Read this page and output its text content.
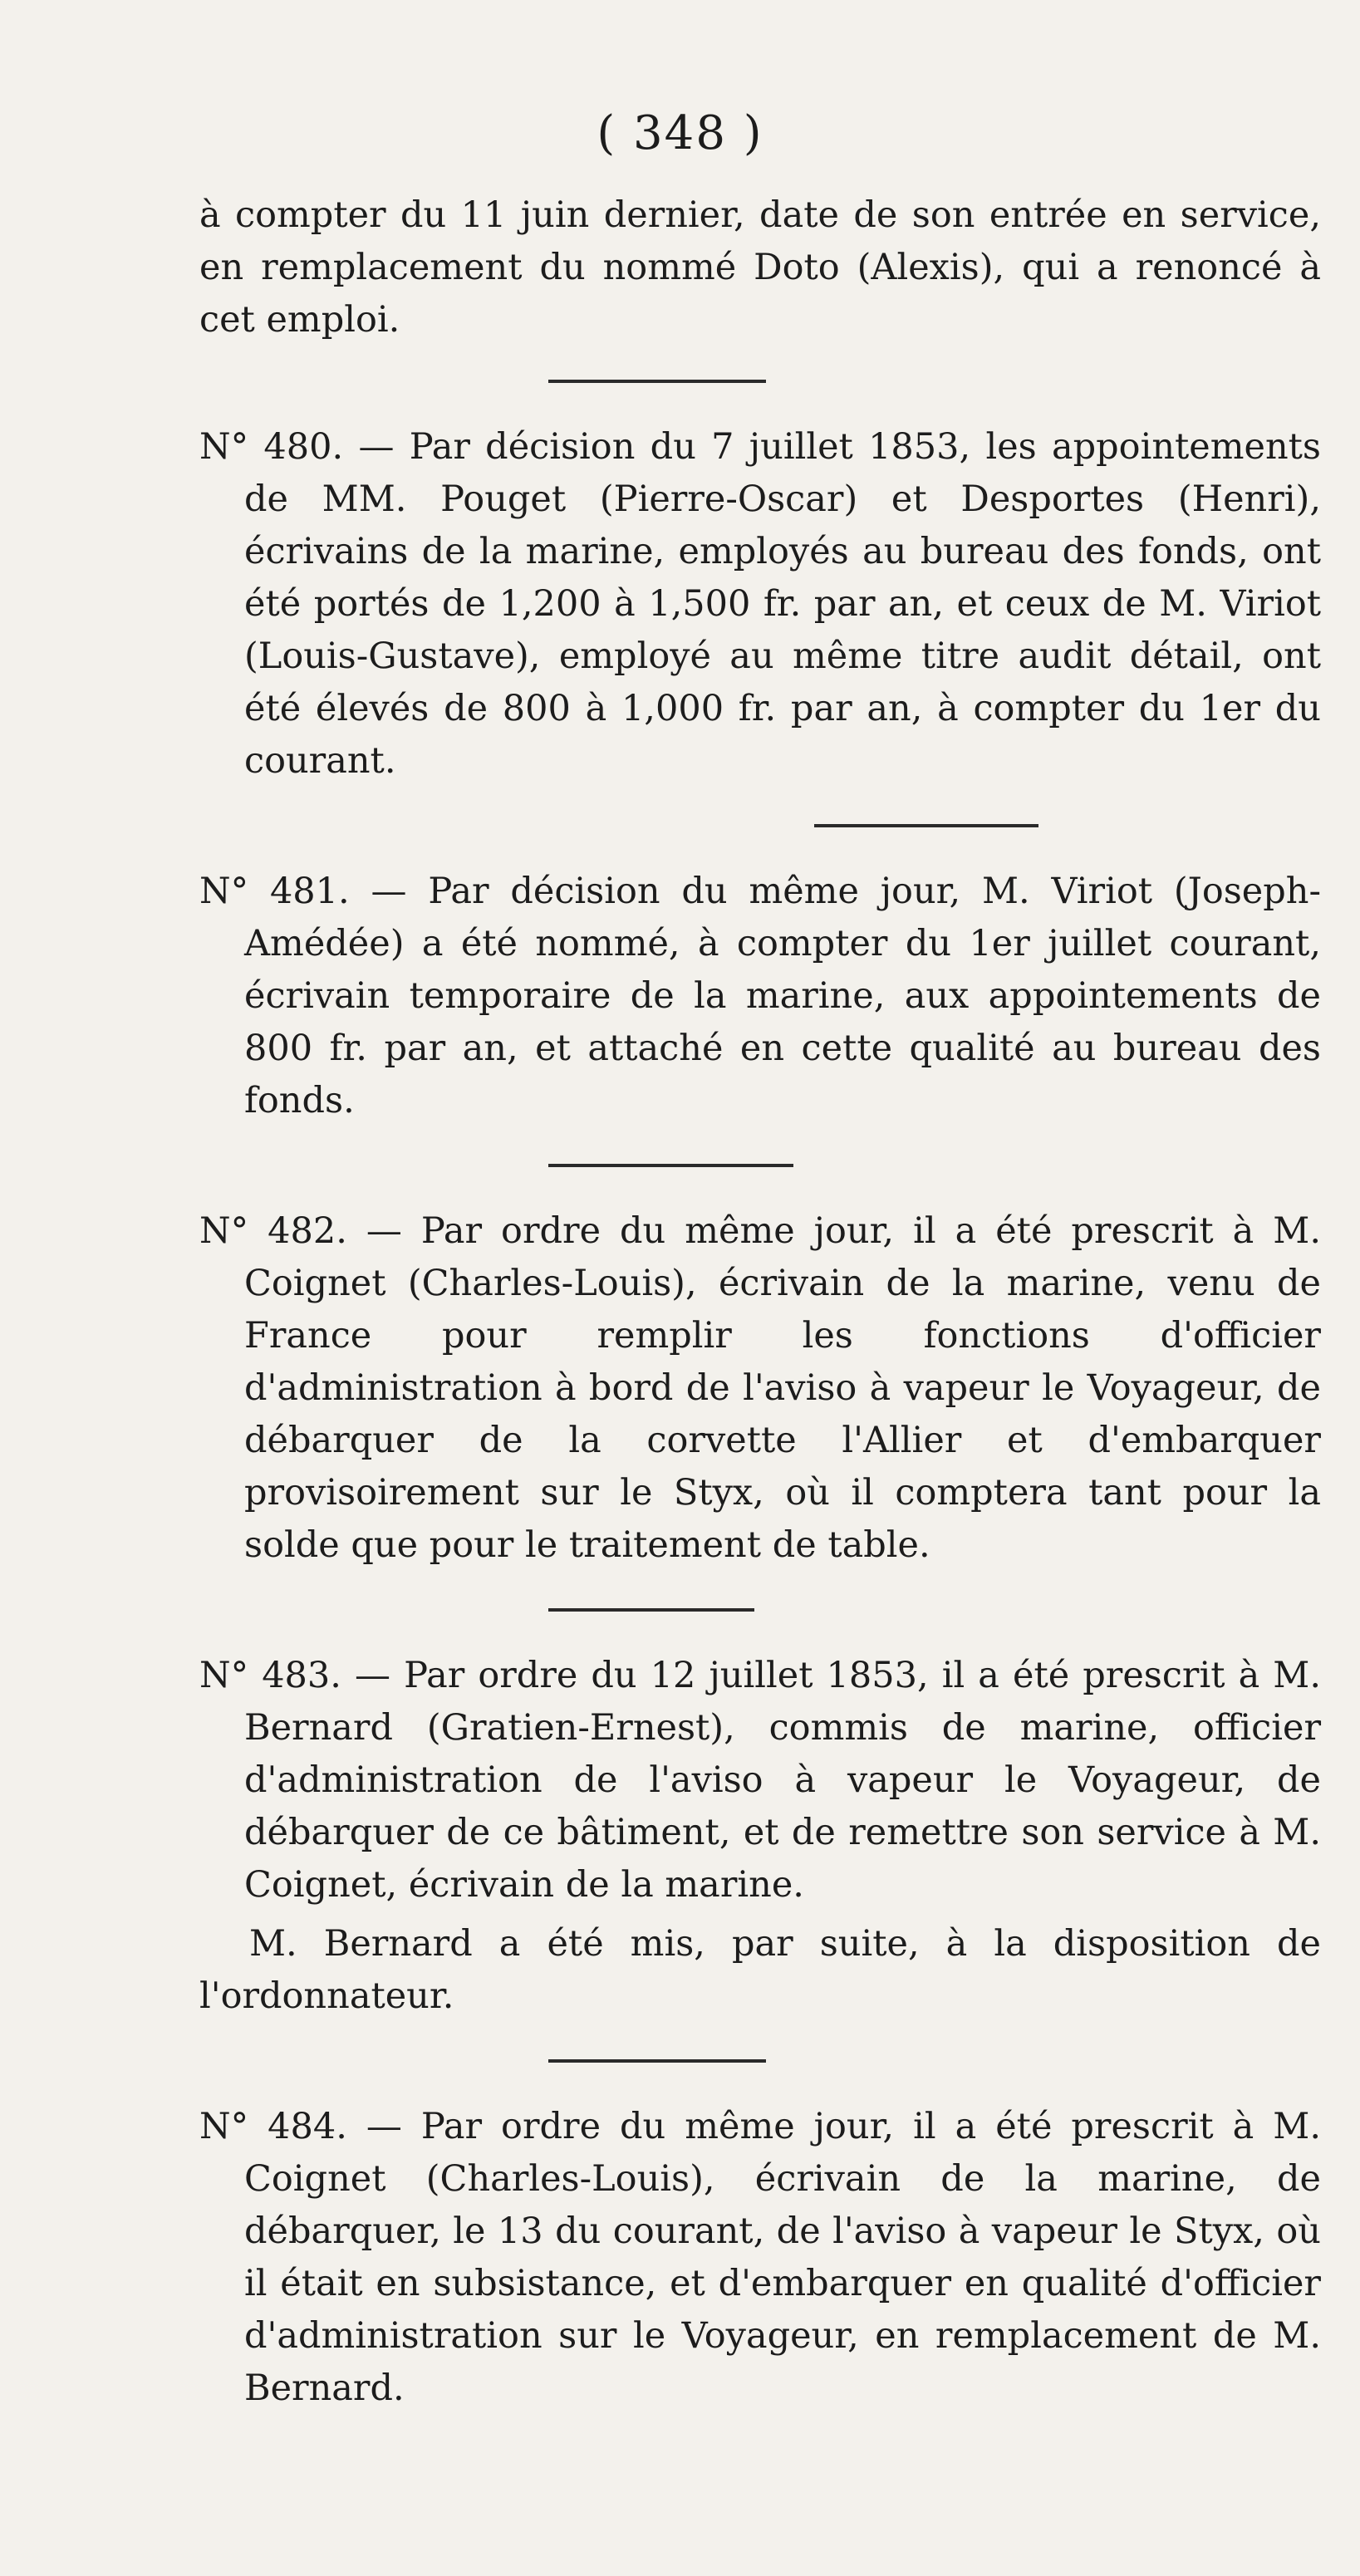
( 348 )

à compter du 11 juin dernier, date de son entrée en service, en remplacement du nommé Doto (Alexis), qui a renoncé à cet emploi.

N° 480. — Par décision du 7 juillet 1853, les appointements de MM. Pouget (Pierre-Oscar) et Desportes (Henri), écrivains de la marine, employés au bureau des fonds, ont été portés de 1,200 à 1,500 fr. par an, et ceux de M. Viriot (Louis-Gustave), employé au même titre audit détail, ont été élevés de 800 à 1,000 fr. par an, à compter du 1er du courant.

N° 481. — Par décision du même jour, M. Viriot (Joseph-Amédée) a été nommé, à compter du 1er juillet courant, écrivain temporaire de la marine, aux appointements de 800 fr. par an, et attaché en cette qualité au bureau des fonds.

N° 482. — Par ordre du même jour, il a été prescrit à M. Coignet (Charles-Louis), écrivain de la marine, venu de France pour remplir les fonctions d'officier d'administration à bord de l'aviso à vapeur le Voyageur, de débarquer de la corvette l'Allier et d'embarquer provisoirement sur le Styx, où il comptera tant pour la solde que pour le traitement de table.

N° 483. — Par ordre du 12 juillet 1853, il a été prescrit à M. Bernard (Gratien-Ernest), commis de marine, officier d'administration de l'aviso à vapeur le Voyageur, de débarquer de ce bâtiment, et de remettre son service à M. Coignet, écrivain de la marine.

M. Bernard a été mis, par suite, à la disposition de l'ordonnateur.

N° 484. — Par ordre du même jour, il a été prescrit à M. Coignet (Charles-Louis), écrivain de la marine, de débarquer, le 13 du courant, de l'aviso à vapeur le Styx, où il était en subsistance, et d'embarquer en qualité d'officier d'administration sur le Voyageur, en remplacement de M. Bernard.
